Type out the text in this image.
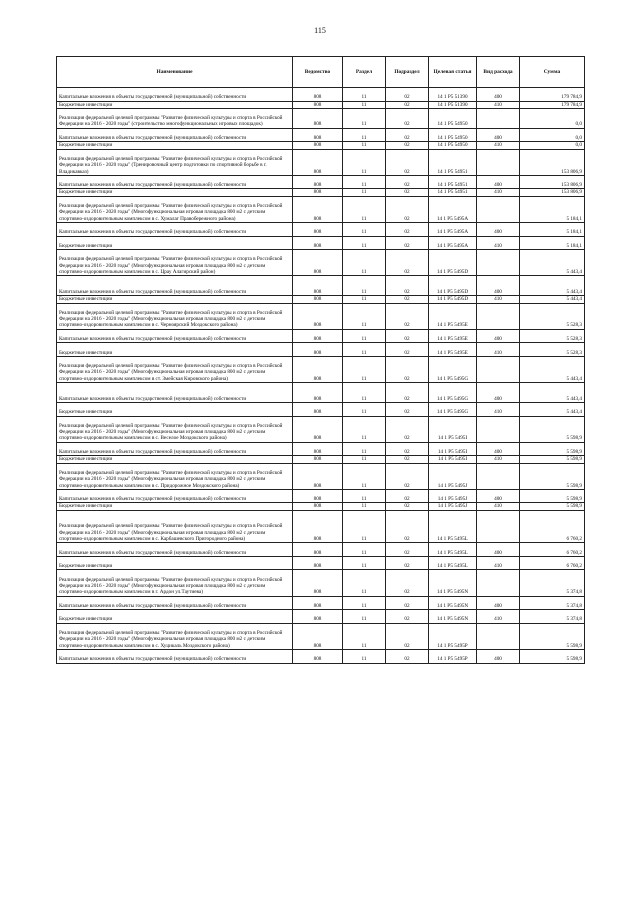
115
Наименование	Ведомство	Раздел	Подраздел	Целевая статья	Вид расхода	Сумма
Капитальные вложения в объекты государственной (муниципальной) собственности	808	11	02	14 1 P5 51390	400	179 784,9
Бюджетные инвестиции	808	11	02	14 1 P5 51390	410	179 784,9
Реализация федеральной целевой программы "Развитие физической культуры и спорта в Российской Федерации на 2016 - 2020 годы" (строительство многофункциональных игровых площадок)	808	11	02	14 1 P5 54950		0,0
Капитальные вложения в объекты государственной (муниципальной) собственности	808	11	02	14 1 P5 54950	400	0,0
Бюджетные инвестиции	808	11	02	14 1 P5 54950	410	0,0
Реализация федеральной целевой программы "Развитие физической культуры и спорта в Российской Федерации на 2016 - 2020 годы" (Тренировочный центр подготовки по спортивной борьбе в г. Владикавказ)	808	11	02	14 1 P5 54951		153 806,9
Капитальные вложения в объекты государственной (муниципальной) собственности	808	11	02	14 1 P5 54951	400	153 806,9
Бюджетные инвестиции	808	11	02	14 1 P5 54951	410	153 806,9
Реализация федеральной целевой программы "Развитие физической культуры и спорта в Российской Федерации на 2016 - 2020 годы" (Многофункциональная игровая площадка 800 м2 с детским спортивно-оздоровительным комплексом в с. Хумалаг Правобережного района)	808	11	02	14 1 P5 5495A		5 184,1
Капитальные вложения в объекты государственной (муниципальной) собственности	808	11	02	14 1 P5 5495A	400	5 184,1
Бюджетные инвестиции	808	11	02	14 1 P5 5495A	410	5 184,1
Реализация федеральной целевой программы "Развитие физической культуры и спорта в Российской Федерации на 2016 - 2020 годы" (Многофункциональная игровая площадка 800 м2 с детским спортивно-оздоровительным комплексом в с. Црау Алагирский район)	808	11	02	14 1 P5 5495D		5 443,4
Капитальные вложения в объекты государственной (муниципальной) собственности	808	11	02	14 1 P5 5495D	400	5 443,4
Бюджетные инвестиции	808	11	02	14 1 P5 5495D	410	5 443,4
Реализация федеральной целевой программы "Развитие физической культуры и спорта в Российской Федерации на 2016 - 2020 годы" (Многофункциональная игровая площадка 800 м2 с детским спортивно-оздоровительным комплексом в с. Черноярский Моздокского района)	808	11	02	14 1 P5 5495E		5 528,3
Капитальные вложения в объекты государственной (муниципальной) собственности	808	11	02	14 1 P5 5495E	400	5 528,3
Бюджетные инвестиции	808	11	02	14 1 P5 5495E	410	5 528,3
Реализация федеральной целевой программы "Развитие физической культуры и спорта в Российской Федерации на 2016 - 2020 годы" (Многофункциональная игровая площадка 800 м2 с детским спортивно-оздоровительным комплексом в ст. Змейская Кировского района)	808	11	02	14 1 P5 5495G		5 443,4
Капитальные вложения в объекты государственной (муниципальной) собственности	808	11	02	14 1 P5 5495G	400	5 443,4
Бюджетные инвестиции	808	11	02	14 1 P5 5495G	410	5 443,4
Реализация федеральной целевой программы "Развитие физической культуры и спорта в Российской Федерации на 2016 - 2020 годы" (Многофункциональная игровая площадка 800 м2 с детским спортивно-оздоровительным комплексом в с. Веселое Моздокского района)	808	11	02	14 1 P5 5495I		5 598,9
Капитальные вложения в объекты государственной (муниципальной) собственности	808	11	02	14 1 P5 5495I	400	5 598,9
Бюджетные инвестиции	808	11	02	14 1 P5 5495I	410	5 598,9
Реализация федеральной целевой программы "Развитие физической культуры и спорта в Российской Федерации на 2016 - 2020 годы" (Многофункциональная игровая площадка 800 м2 с детским спортивно-оздоровительным комплексом в с. Придорожное Моздокского района)	808	11	02	14 1 P5 5495J		5 598,9
Капитальные вложения в объекты государственной (муниципальной) собственности	808	11	02	14 1 P5 5495J	400	5 598,9
Бюджетные инвестиции	808	11	02	14 1 P5 5495J	410	5 598,9
Реализация федеральной целевой программы "Развитие физической культуры и спорта в Российской Федерации на 2016 - 2020 годы" (Многофункциональная игровая площадка 800 м2 с детским спортивно-оздоровительным комплексом в с. Карбашевского Пригородного района)	808	11	02	14 1 P5 5495L		6 760,2
Капитальные вложения в объекты государственной (муниципальной) собственности	808	11	02	14 1 P5 5495L	400	6 760,2
Бюджетные инвестиции	808	11	02	14 1 P5 5495L	410	6 760,2
Реализация федеральной целевой программы "Развитие физической культуры и спорта в Российской Федерации на 2016 - 2020 годы" (Многофункциональная игровая площадка 800 м2 с детским спортивно-оздоровительным комплексом в г. Ардон ул.Таутиева)	808	11	02	14 1 P5 5495N		5 374,8
Капитальные вложения в объекты государственной (муниципальной) собственности	808	11	02	14 1 P5 5495N	400	5 374,8
Бюджетные инвестиции	808	11	02	14 1 P5 5495N	410	5 374,8
Реализация федеральной целевой программы "Развитие физической культуры и спорта в Российской Федерации на 2016 - 2020 годы" (Многофункциональная игровая площадка 800 м2 с детским спортивно-оздоровительным комплексом в с. Хуцикаль Моздокского района)	808	11	02	14 1 P5 5495P		5 598,9
Капитальные вложения в объекты государственной (муниципальной) собственности	808	11	02	14 1 P5 5495P	400	5 598,9
